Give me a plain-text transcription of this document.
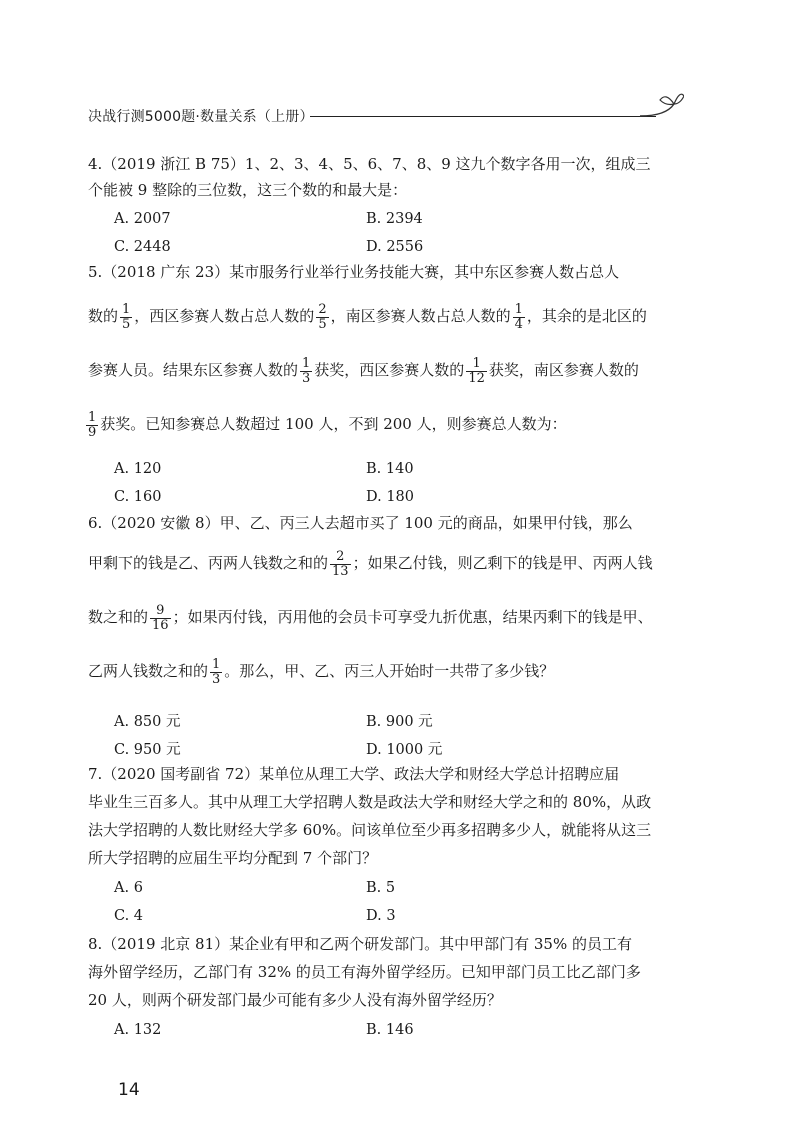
决战行测5000题·数量关系（上册）
4.（2019 浙江 B 75）1、2、3、4、5、6、7、8、9 这九个数字各用一次，组成三
个能被 9 整除的三位数，这三个数的和最大是：
A. 2007	B. 2394
C. 2448	D. 2556
5.（2018 广东 23）某市服务行业举行业务技能大赛，其中东区参赛人数占总人
数的 $\frac{1}{5}$ ，西区参赛人数占总人数的 $\frac{2}{5}$ ，南区参赛人数占总人数的 $\frac{1}{4}$ ，其余的是北区的
参赛人员。结果东区参赛人数的 $\frac{1}{3}$ 获奖，西区参赛人数的 $\frac{1}{12}$ 获奖，南区参赛人数的
$\frac{1}{9}$ 获奖。已知参赛总人数超过 100 人，不到 200 人，则参赛总人数为：
A. 120	B. 140
C. 160	D. 180
6.（2020 安徽 8）甲、乙、丙三人去超市买了 100 元的商品，如果甲付钱，那么
甲剩下的钱是乙、丙两人钱数之和的 $\frac{2}{13}$ ；如果乙付钱，则乙剩下的钱是甲、丙两人钱
数之和的 $\frac{9}{16}$ ；如果丙付钱，丙用他的会员卡可享受九折优惠，结果丙剩下的钱是甲、
乙两人钱数之和的 $\frac{1}{3}$ 。那么，甲、乙、丙三人开始时一共带了多少钱？
A. 850 元	B. 900 元
C. 950 元	D. 1000 元
7.（2020 国考副省 72）某单位从理工大学、政法大学和财经大学总计招聘应届
毕业生三百多人。其中从理工大学招聘人数是政法大学和财经大学之和的 80%，从政
法大学招聘的人数比财经大学多 60%。问该单位至少再多招聘多少人，就能将从这三
所大学招聘的应届生平均分配到 7 个部门？
A. 6	B. 5
C. 4	D. 3
8.（2019 北京 81）某企业有甲和乙两个研发部门。其中甲部门有 35% 的员工有
海外留学经历，乙部门有 32% 的员工有海外留学经历。已知甲部门员工比乙部门多
20 人，则两个研发部门最少可能有多少人没有海外留学经历？
A. 132	B. 146
14
